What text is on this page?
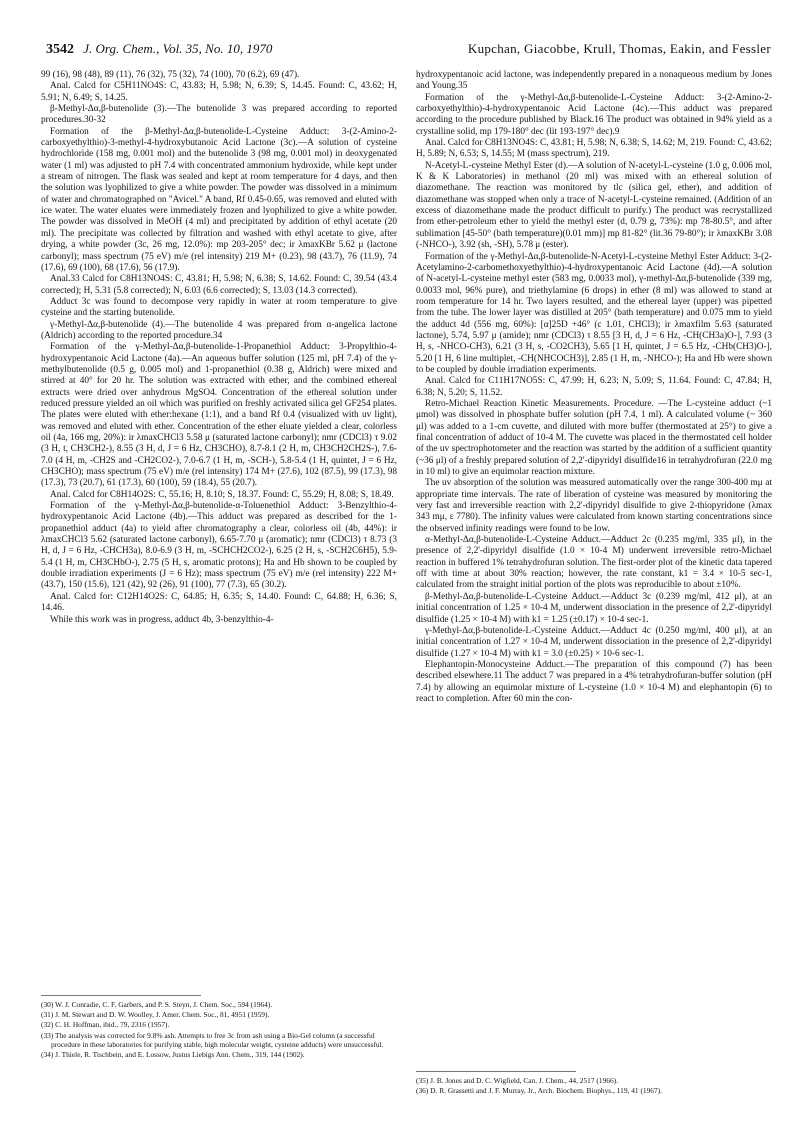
3542 J. Org. Chem., Vol. 35, No. 10, 1970	Kupchan, Giacobbe, Krull, Thomas, Eakin, and Fessler

99 (16), 98 (48), 89 (11), 76 (32), 75 (32), 74 (100), 70 (6.2), 69 (47).

Anal. Calcd for C5H11NO4S: C, 43.83; H, 5.98; N, 6.39; S, 14.45. Found: C, 43.62; H, 5.91; N, 6.49; S, 14.25.

β-Methyl-Δα,β-butenolide (3).—The butenolide 3 was prepared according to reported procedures.30-32

Formation of the β-Methyl-Δα,β-butenolide-L-Cysteine Adduct: 3-(2-Amino-2-carboxyethylthio)-3-methyl-4-hydroxybutanoic Acid Lactone (3c).—A solution of cysteine hydrochloride (158 mg, 0.001 mol) and the butenolide 3 (98 mg, 0.001 mol) in deoxygenated water (1 ml) was adjusted to pH 7.4 with concentrated ammonium hydroxide, while kept under a stream of nitrogen. The flask was sealed and kept at room temperature for 4 days, and then the solution was lyophilized to give a white powder. The powder was dissolved in a minimum of water and chromatographed on "Avicel." A band, Rf 0.45-0.65, was removed and eluted with ice water. The water eluates were immediately frozen and lyophilized to give a white powder. The powder was dissolved in MeOH (4 ml) and precipitated by addition of ethyl acetate (20 ml). The precipitate was collected by filtration and washed with ethyl acetate to give, after drying, a white powder (3c, 26 mg, 12.0%): mp 203-205° dec; ir λmaxKBr 5.62 μ (lactone carbonyl); mass spectrum (75 eV) m/e (rel intensity) 219 M+ (0.23), 98 (43.7), 76 (11.9), 74 (17.6), 69 (100), 68 (17.6), 56 (17.9).

Anal.33 Calcd for C8H13NO4S: C, 43.81; H, 5.98; N, 6.38; S, 14.62. Found: C, 39.54 (43.4 corrected); H, 5.31 (5.8 corrected); N, 6.03 (6.6 corrected); S, 13.03 (14.3 corrected).

Adduct 3c was found to decompose very rapidly in water at room temperature to give cysteine and the starting butenolide.

γ-Methyl-Δα,β-butenolide (4).—The butenolide 4 was prepared from α-angelica lactone (Aldrich) according to the reported procedure.34

Formation of the γ-Methyl-Δα,β-butenolide-1-Propanethiol Adduct: 3-Propylthio-4-hydroxypentanoic Acid Lactone (4a).—An aqueous buffer solution (125 ml, pH 7.4) of the γ-methylbutenolide (0.5 g, 0.005 mol) and 1-propanethiol (0.38 g, Aldrich) were mixed and stirred at 40° for 20 hr. The solution was extracted with ether, and the combined ethereal extracts were dried over anhydrous MgSO4. Concentration of the ethereal solution under reduced pressure yielded an oil which was purified on freshly activated silica gel GF254 plates. The plates were eluted with ether:hexane (1:1), and a band Rf 0.4 (visualized with uv light), was removed and eluted with ether. Concentration of the ether eluate yielded a clear, colorless oil (4a, 166 mg, 20%): ir λmaxCHCl3 5.58 μ (saturated lactone carbonyl); nmr (CDCl3) τ 9.02 (3 H, t, CH3CH2-), 8.55 (3 H, d, J = 6 Hz, CH3CHO), 8.7-8.1 (2 H, m, CH3CH2CH2S-), 7.6-7.0 (4 H, m, -CH2S and -CH2CO2-), 7.0-6.7 (1 H, m, -SCH-), 5.8-5.4 (1 H, quintet, J = 6 Hz, CH3CHO); mass spectrum (75 eV) m/e (rel intensity) 174 M+ (27.6), 102 (87.5), 99 (17.3), 98 (17.3), 73 (20.7), 61 (17.3), 60 (100), 59 (18.4), 55 (20.7).

Anal. Calcd for C8H14O2S: C, 55.16; H, 8.10; S, 18.37. Found: C, 55.29; H, 8.08; S, 18.49.

Formation of the γ-Methyl-Δα,β-butenolide-α-Toluenethiol Adduct: 3-Benzylthio-4-hydroxypentanoic Acid Lactone (4b).—This adduct was prepared as described for the 1-propanethiol adduct (4a) to yield after chromatography a clear, colorless oil (4b, 44%): ir λmaxCHCl3 5.62 (saturated lactone carbonyl), 6.65-7.70 μ (aromatic); nmr (CDCl3) τ 8.73 (3 H, d, J = 6 Hz, -CHCH3a), 8.0-6.9 (3 H, m, -SCHCH2CO2-), 6.25 (2 H, s, -SCH2C6H5), 5.9-5.4 (1 H, m, CH3CHbO-), 2.75 (5 H, s, aromatic protons); Ha and Hb shown to be coupled by double irradiation experiments (J = 6 Hz); mass spectrum (75 eV) m/e (rel intensity) 222 M+ (43.7), 150 (15.6), 121 (42), 92 (26), 91 (100), 77 (7.3), 65 (30.2).

Anal. Calcd for: C12H14O2S: C, 64.85; H, 6.35; S, 14.40. Found: C, 64.88; H, 6.36; S, 14.46.

While this work was in progress, adduct 4b, 3-benzylthio-4-

hydroxypentanoic acid lactone, was independently prepared in a nonaqueous medium by Jones and Young.35

Formation of the γ-Methyl-Δα,β-butenolide-L-Cysteine Adduct: 3-(2-Amino-2-carboxyethylthio)-4-hydroxypentanoic Acid Lactone (4c).—This adduct was prepared according to the procedure published by Black.16 The product was obtained in 94% yield as a crystalline solid, mp 179-180° dec (lit 193-197° dec).9

Anal. Calcd for C8H13NO4S: C, 43.81; H, 5.98; N, 6.38; S, 14.62; M, 219. Found: C, 43.62; H, 5.89; N, 6.53; S, 14.55; M (mass spectrum), 219.

N-Acetyl-L-cysteine Methyl Ester (d).—A solution of N-acetyl-L-cysteine (1.0 g, 0.006 mol, K & K Laboratories) in methanol (20 ml) was mixed with an ethereal solution of diazomethane. The reaction was monitored by tlc (silica gel, ether), and addition of diazomethane was stopped when only a trace of N-acetyl-L-cysteine remained. (Addition of an excess of diazomethane made the product difficult to purify.) The product was recrystallized from ether-petroleum ether to yield the methyl ester (d, 0.79 g, 73%): mp 78-80.5°, and after sublimation [45-50° (bath temperature)(0.01 mm)] mp 81-82° (lit.36 79-80°); ir λmaxKBr 3.08 (-NHCO-), 3.92 (sh, -SH), 5.78 μ (ester).

Formation of the γ-Methyl-Δα,β-butenolide-N-Acetyl-L-cysteine Methyl Ester Adduct: 3-(2-Acetylamino-2-carbomethoxyethylthio)-4-hydroxypentanoic Acid Lactone (4d).—A solution of N-acetyl-L-cysteine methyl ester (583 mg, 0.0033 mol), γ-methyl-Δα,β-butenolide (339 mg, 0.0033 mol, 96% pure), and triethylamine (6 drops) in ether (8 ml) was allowed to stand at room temperature for 14 hr. Two layers resulted, and the ethereal layer (upper) was pipetted from the tube. The lower layer was distilled at 205° (bath temperature) and 0.075 mm to yield the adduct 4d (556 mg, 60%): [α]25D +46° (c 1.01, CHCl3); ir λmaxfilm 5.63 (saturated lactone), 5.74, 5.97 μ (amide); nmr (CDCl3) τ 8.55 [3 H, d, J = 6 Hz, -CH(CH3a)O-], 7.93 (3 H, s, -NHCO-CH3), 6.21 (3 H, s, -CO2CH3), 5.65 [1 H, quintet, J = 6.5 Hz, -CHb(CH3)O-], 5.20 [1 H, 6 line multiplet, -CH(NHCOCH3)], 2.85 (1 H, m, -NHCO-); Ha and Hb were shown to be coupled by double irradiation experiments.

Anal. Calcd for C11H17NO5S: C, 47.99; H, 6.23; N, 5.09; S, 11.64. Found: C, 47.84; H, 6.38; N, 5.20; S, 11.52.

Retro-Michael Reaction Kinetic Measurements. Procedure. —The L-cysteine adduct (~1 μmol) was dissolved in phosphate buffer solution (pH 7.4, 1 ml). A calculated volume (~ 360 μl) was added to a 1-cm cuvette, and diluted with more buffer (thermostated at 25°) to give a final concentration of adduct of 10-4 M. The cuvette was placed in the thermostated cell holder of the uv spectrophotometer and the reaction was started by the addition of a sufficient quantity (~36 μl) of a freshly prepared solution of 2,2'-dipyridyl disulfide16 in tetrahydrofuran (22.0 mg in 10 ml) to give an equimolar reaction mixture.

The uv absorption of the solution was measured automatically over the range 300-400 mμ at appropriate time intervals. The rate of liberation of cysteine was measured by monitoring the very fast and irreversible reaction with 2,2'-dipyridyl disulfide to give 2-thiopyridone (λmax 343 mμ, ε 7780). The infinity values were calculated from known starting concentrations since the observed infinity readings were found to be low.

α-Methyl-Δα,β-butenolide-L-Cysteine Adduct.—Adduct 2c (0.235 mg/ml, 335 μl), in the presence of 2,2'-dipyridyl disulfide (1.0 × 10-4 M) underwent irreversible retro-Michael reaction in buffered 1% tetrahydrofuran solution. The first-order plot of the kinetic data tapered off with time at about 30% reaction; however, the rate constant, k1 = 3.4 × 10-5 sec-1, calculated from the straight initial portion of the plots was reproducible to about ±10%.

β-Methyl-Δα,β-butenolide-L-Cysteine Adduct.—Adduct 3c (0.239 mg/ml, 412 μl), at an initial concentration of 1.25 × 10-4 M, underwent dissociation in the presence of 2,2'-dipyridyl disulfide (1.25 × 10-4 M) with k1 = 1.25 (±0.17) × 10-4 sec-1.

γ-Methyl-Δα,β-butenolide-L-Cysteine Adduct.—Adduct 4c (0.250 mg/ml, 400 μl), at an initial concentration of 1.27 × 10-4 M, underwent dissociation in the presence of 2,2'-dipyridyl disulfide (1.27 × 10-4 M) with k1 = 3.0 (±0.25) × 10-6 sec-1.

Elephantopin-Monocysteine Adduct.—The preparation of this compound (7) has been described elsewhere.11 The adduct 7 was prepared in a 4% tetrahydrofuran-buffer solution (pH 7.4) by allowing an equimolar mixture of L-cysteine (1.0 × 10-4 M) and elephantopin (6) to react to completion. After 60 min the con-

(30) W. J. Conradie, C. F. Garbers, and P. S. Steyn, J. Chem. Soc., 594 (1964).

(31) J. M. Stewart and D. W. Woolley, J. Amer. Chem. Soc., 81, 4951 (1959).

(32) C. H. Hoffman, ibid., 79, 2316 (1957).

(33) The analysis was corrected for 9.8% ash. Attempts to free 3c from ash using a Bio-Gel column (a successful procedure in these laboratories for purifying stable, high molecular weight, cysteine adducts) were unsuccessful.

(34) J. Thiele, R. Tischbein, and E. Lossow, Justus Liebigs Ann. Chem., 319, 144 (1902).

(35) J. B. Jones and D. C. Wigfield, Can. J. Chem., 44, 2517 (1966).

(36) D. R. Grassetti and J. F. Murray, Jr., Arch. Biochem. Biophys., 119, 41 (1967).
